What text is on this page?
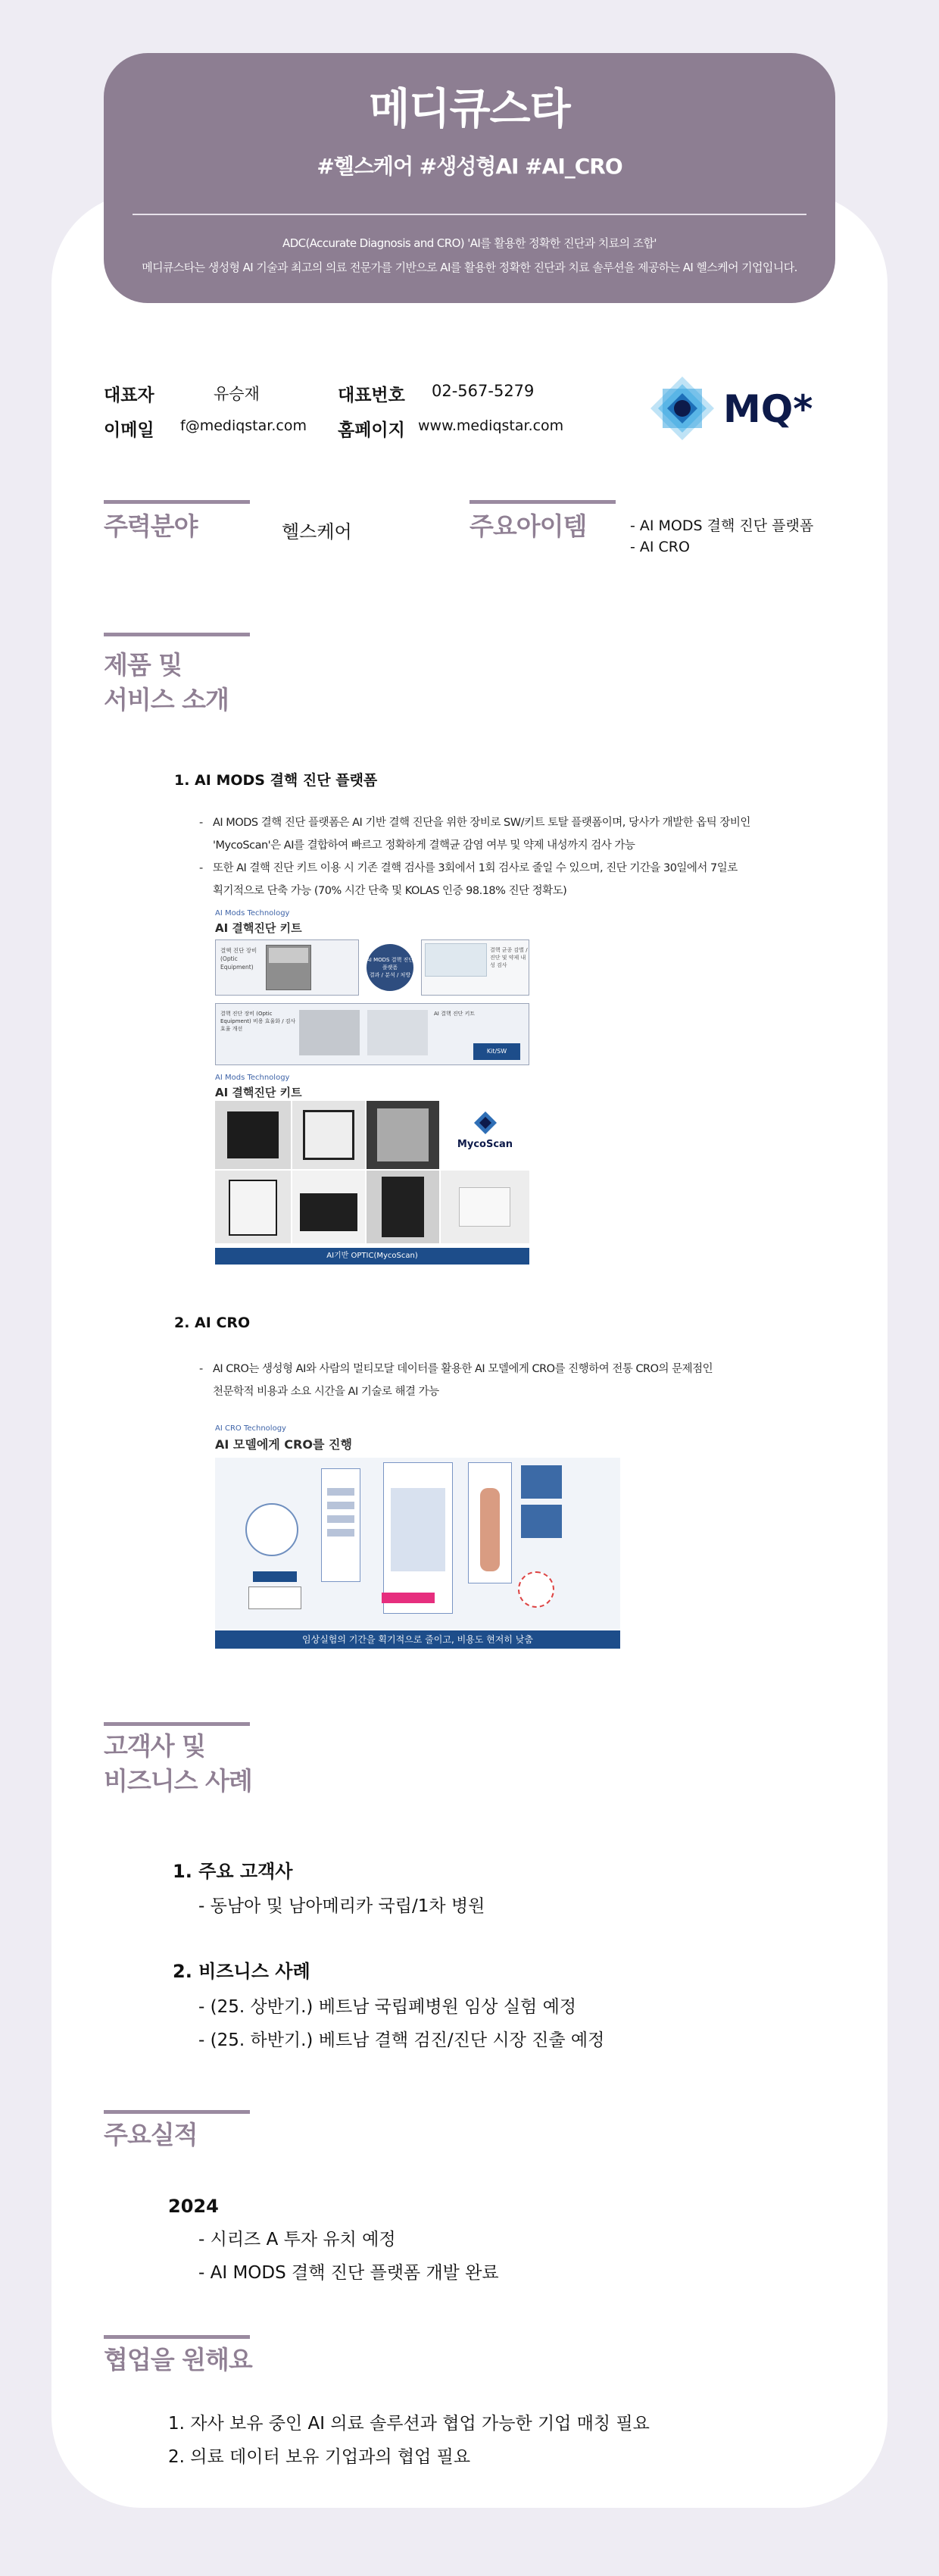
메디큐스타
#헬스케어 #생성형AI #AI_CRO
ADC(Accurate Diagnosis and CRO) 'AI를 활용한 정확한 진단과 치료의 조합'
메디큐스타는 생성형 AI 기술과 최고의 의료 전문가를 기반으로 AI를 활용한 정확한 진단과 치료 솔루션을 제공하는 AI 헬스케어 기업입니다.
대표자	유승재	대표번호 02-567-5279
이메일 f@mediqstar.com 홈페이지 www.mediqstar.com	MQ*
주력분야	헬스케어	주요아이템	- AI MODS 결핵 진단 플랫폼
- AI CRO
제품 및
서비스 소개
1. AI MODS 결핵 진단 플랫폼
- AI MODS 결핵 진단 플랫폼은 AI 기반 결핵 진단을 위한 장비로 SW/키트 토탈 플랫폼이며, 당사가 개발한 옵틱 장비인
'MycoScan'은 AI를 결합하여 빠르고 정확하게 결핵균 감염 여부 및 약제 내성까지 검사 가능
- 또한 AI 결핵 진단 키트 이용 시 기존 결핵 검사를 3회에서 1회 검사로 줄일 수 있으며, 진단 기간을 30일에서 7일로
획기적으로 단축 가능 (70% 시간 단축 및 KOLAS 인증 98.18% 진단 정확도)
AI Mods Technology
AI 결핵진단 키트
결핵 진단 장비 (Optic Equipment)
AI MODS 결핵 진단 플랫폼
결과 / 분석 / 처방
결핵 균종 감별 / 진단 및 약제 내성 검사
결핵 진단 장비 (Optic Equipment) 비용 효율화 / 검사 효율 개선
AI 결핵 진단 키트
Kit/SW
AI Mods Technology
AI 결핵진단 키트
MycoScan
AI기반 OPTIC(MycoScan)
2. AI CRO
- AI CRO는 생성형 AI와 사람의 멀티모달 데이터를 활용한 AI 모델에게 CRO를 진행하여 전통 CRO의 문제점인
천문학적 비용과 소요 시간을 AI 기술로 해결 가능
AI CRO Technology
AI 모델에게 CRO를 진행
임상실험의 기간을 획기적으로 줄이고, 비용도 현저히 낮춤
고객사 및
비즈니스 사례
1. 주요 고객사
- 동남아 및 남아메리카 국립/1차 병원
2. 비즈니스 사례
- (25. 상반기.) 베트남 국립폐병원 임상 실험 예정
- (25. 하반기.) 베트남 결핵 검진/진단 시장 진출 예정
주요실적
2024
- 시리즈 A 투자 유치 예정
- AI MODS 결핵 진단 플랫폼 개발 완료
협업을 원해요
1. 자사 보유 중인 AI 의료 솔루션과 협업 가능한 기업 매칭 필요
2. 의료 데이터 보유 기업과의 협업 필요
